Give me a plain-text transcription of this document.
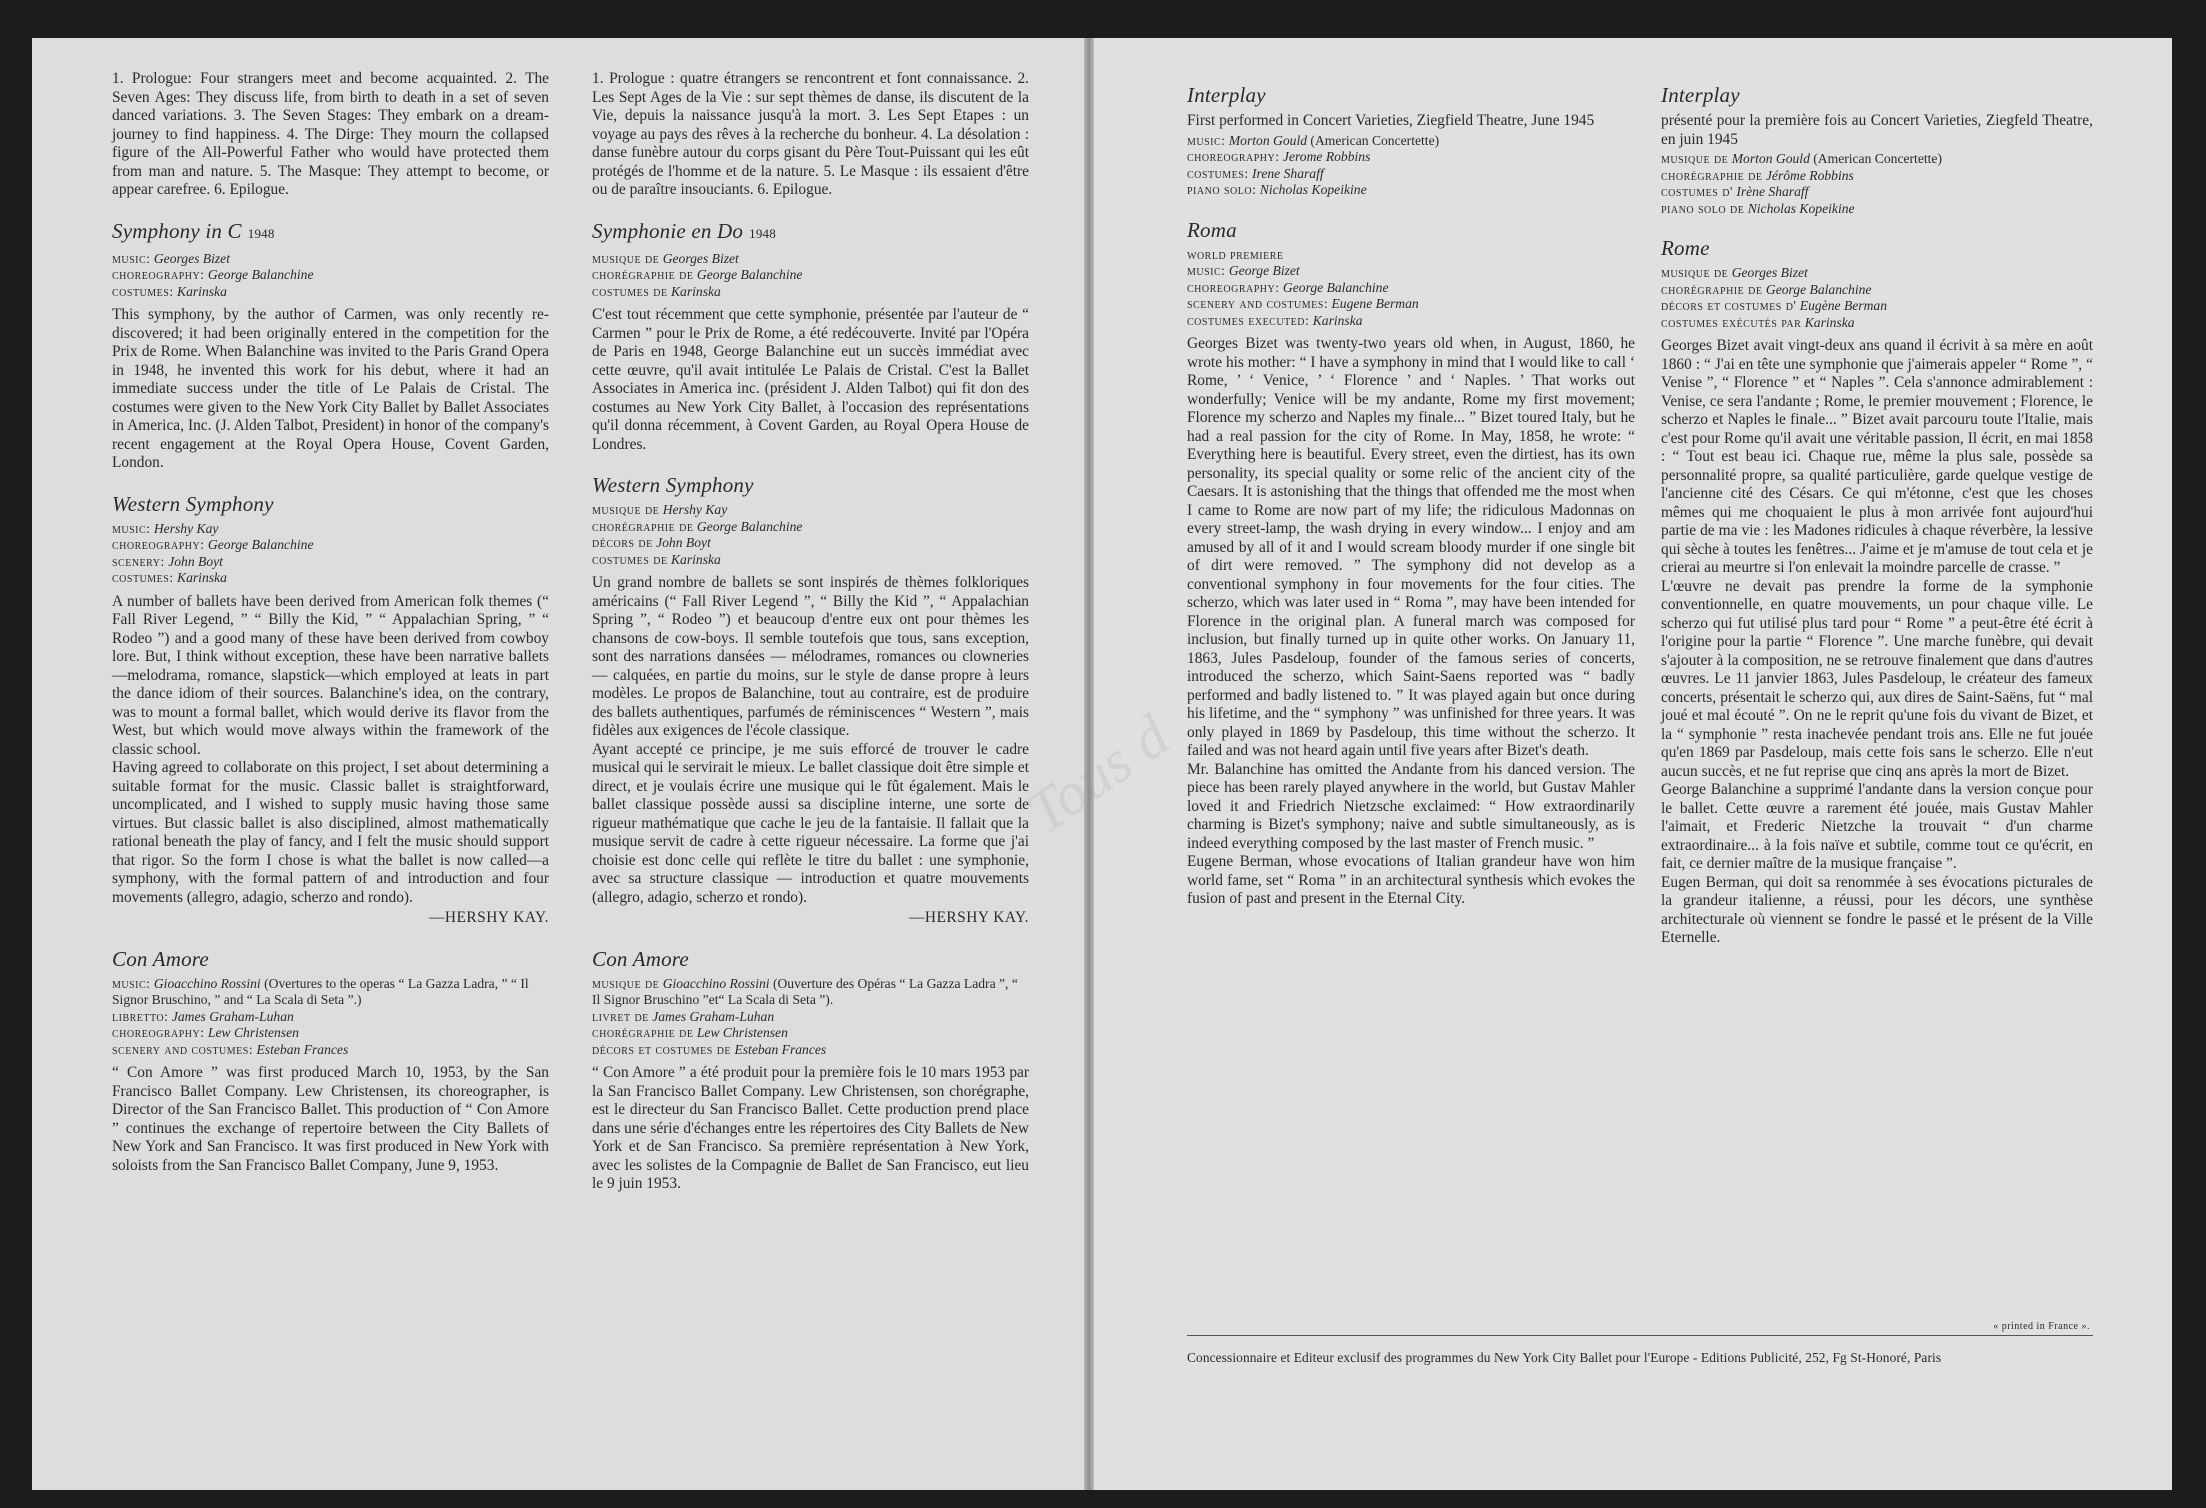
Tous d

1. Prologue: Four strangers meet and become acquainted. 2. The Seven Ages: They discuss life, from birth to death in a set of seven danced variations. 3. The Seven Stages: They embark on a dream-journey to find happiness. 4. The Dirge: They mourn the collapsed figure of the All-Powerful Father who would have protected them from man and nature. 5. The Masque: They attempt to become, or appear carefree. 6. Epilogue.

Symphony in C 1948
music: Georges Bizet
choreography: George Balanchine
costumes: Karinska

This symphony, by the author of Carmen, was only recently re-discovered; it had been originally entered in the competition for the Prix de Rome. When Balanchine was invited to the Paris Grand Opera in 1948, he invented this work for his debut, where it had an immediate success under the title of Le Palais de Cristal. The costumes were given to the New York City Ballet by Ballet Associates in America, Inc. (J. Alden Talbot, President) in honor of the company's recent engagement at the Royal Opera House, Covent Garden, London.

Western Symphony
music: Hershy Kay
choreography: George Balanchine
scenery: John Boyt
costumes: Karinska

A number of ballets have been derived from American folk themes (“ Fall River Legend, ” “ Billy the Kid, ” “ Appalachian Spring, ” “ Rodeo ”) and a good many of these have been derived from cowboy lore. But, I think without exception, these have been narrative ballets—melodrama, romance, slapstick—which employed at leats in part the dance idiom of their sources. Balanchine's idea, on the contrary, was to mount a formal ballet, which would derive its flavor from the West, but which would move always within the framework of the classic school.

Having agreed to collaborate on this project, I set about determining a suitable format for the music. Classic ballet is straightforward, uncomplicated, and I wished to supply music having those same virtues. But classic ballet is also disciplined, almost mathematically rational beneath the play of fancy, and I felt the music should support that rigor. So the form I chose is what the ballet is now called—a symphony, with the formal pattern of and introduction and four movements (allegro, adagio, scherzo and rondo).

—HERSHY KAY.
Con Amore
music: Gioacchino Rossini (Overtures to the operas “ La Gazza Ladra, ” “ Il Signor Bruschino, ” and “ La Scala di Seta ”.)
libretto: James Graham-Luhan
choreography: Lew Christensen
scenery and costumes: Esteban Frances

“ Con Amore ” was first produced March 10, 1953, by the San Francisco Ballet Company. Lew Christensen, its choreographer, is Director of the San Francisco Ballet. This production of “ Con Amore ” continues the exchange of repertoire between the City Ballets of New York and San Francisco. It was first produced in New York with soloists from the San Francisco Ballet Company, June 9, 1953.

1. Prologue : quatre étrangers se rencontrent et font connaissance. 2. Les Sept Ages de la Vie : sur sept thèmes de danse, ils discutent de la Vie, depuis la naissance jusqu'à la mort. 3. Les Sept Etapes : un voyage au pays des rêves à la recherche du bonheur. 4. La désolation : danse funèbre autour du corps gisant du Père Tout-Puissant qui les eût protégés de l'homme et de la nature. 5. Le Masque : ils essaient d'être ou de paraître insouciants. 6. Epilogue.

Symphonie en Do 1948
musique de Georges Bizet
chorégraphie de George Balanchine
costumes de Karinska

C'est tout récemment que cette symphonie, présentée par l'auteur de “ Carmen ” pour le Prix de Rome, a été redécouverte. Invité par l'Opéra de Paris en 1948, George Balanchine eut un succès immédiat avec cette œuvre, qu'il avait intitulée Le Palais de Cristal. C'est la Ballet Associates in America inc. (président J. Alden Talbot) qui fit don des costumes au New York City Ballet, à l'occasion des représentations qu'il donna récemment, à Covent Garden, au Royal Opera House de Londres.

Western Symphony
musique de Hershy Kay
chorégraphie de George Balanchine
décors de John Boyt
costumes de Karinska

Un grand nombre de ballets se sont inspirés de thèmes folkloriques américains (“ Fall River Legend ”, “ Billy the Kid ”, “ Appalachian Spring ”, “ Rodeo ”) et beaucoup d'entre eux ont pour thèmes les chansons de cow-boys. Il semble toutefois que tous, sans exception, sont des narrations dansées — mélodrames, romances ou clowneries — calquées, en partie du moins, sur le style de danse propre à leurs modèles. Le propos de Balanchine, tout au contraire, est de produire des ballets authentiques, parfumés de réminiscences “ Western ”, mais fidèles aux exigences de l'école classique.

Ayant accepté ce principe, je me suis efforcé de trouver le cadre musical qui le servirait le mieux. Le ballet classique doit être simple et direct, et je voulais écrire une musique qui le fût également. Mais le ballet classique possède aussi sa discipline interne, une sorte de rigueur mathématique que cache le jeu de la fantaisie. Il fallait que la musique servit de cadre à cette rigueur nécessaire. La forme que j'ai choisie est donc celle qui reflète le titre du ballet : une symphonie, avec sa structure classique — introduction et quatre mouvements (allegro, adagio, scherzo et rondo).

—HERSHY KAY.
Con Amore
musique de Gioacchino Rossini (Ouverture des Opéras “ La Gazza Ladra ”, “ Il Signor Bruschino ”et“ La Scala di Seta ”).
livret de James Graham-Luhan
chorégraphie de Lew Christensen
décors et costumes de Esteban Frances

“ Con Amore ” a été produit pour la première fois le 10 mars 1953 par la San Francisco Ballet Company. Lew Christensen, son chorégraphe, est le directeur du San Francisco Ballet. Cette production prend place dans une série d'échanges entre les répertoires des City Ballets de New York et de San Francisco. Sa première représentation à New York, avec les solistes de la Compagnie de Ballet de San Francisco, eut lieu le 9 juin 1953.

Interplay

First performed in Concert Varieties, Ziegfield Theatre, June 1945

music: Morton Gould (American Concertette)
choreography: Jerome Robbins
costumes: Irene Sharaff
piano solo: Nicholas Kopeikine
Roma
world premiere
music: George Bizet
choreography: George Balanchine
scenery and costumes: Eugene Berman
costumes executed: Karinska

Georges Bizet was twenty-two years old when, in August, 1860, he wrote his mother: “ I have a symphony in mind that I would like to call ‘ Rome, ’ ‘ Venice, ’ ‘ Florence ’ and ‘ Naples. ’ That works out wonderfully; Venice will be my andante, Rome my first movement; Florence my scherzo and Naples my finale... ” Bizet toured Italy, but he had a real passion for the city of Rome. In May, 1858, he wrote: “ Everything here is beautiful. Every street, even the dirtiest, has its own personality, its special quality or some relic of the ancient city of the Caesars. It is astonishing that the things that offended me the most when I came to Rome are now part of my life; the ridiculous Madonnas on every street-lamp, the wash drying in every window... I enjoy and am amused by all of it and I would scream bloody murder if one single bit of dirt were removed. ” The symphony did not develop as a conventional symphony in four movements for the four cities. The scherzo, which was later used in “ Roma ”, may have been intended for Florence in the original plan. A funeral march was composed for inclusion, but finally turned up in quite other works. On January 11, 1863, Jules Pasdeloup, founder of the famous series of concerts, introduced the scherzo, which Saint-Saens reported was “ badly performed and badly listened to. ” It was played again but once during his lifetime, and the “ symphony ” was unfinished for three years. It was only played in 1869 by Pasdeloup, this time without the scherzo. It failed and was not heard again until five years after Bizet's death.

Mr. Balanchine has omitted the Andante from his danced version. The piece has been rarely played anywhere in the world, but Gustav Mahler loved it and Friedrich Nietzsche exclaimed: “ How extraordinarily charming is Bizet's symphony; naive and subtle simultaneously, as is indeed everything composed by the last master of French music. ”

Eugene Berman, whose evocations of Italian grandeur have won him world fame, set “ Roma ” in an architectural synthesis which evokes the fusion of past and present in the Eternal City.

Interplay

présenté pour la première fois au Concert Varieties, Ziegfeld Theatre, en juin 1945

musique de Morton Gould (American Concertette)
chorégraphie de Jérôme Robbins
costumes d' Irène Sharaff
piano solo de Nicholas Kopeikine
Rome
musique de Georges Bizet
chorégraphie de George Balanchine
décors et costumes d' Eugène Berman
costumes exécutés par Karinska

Georges Bizet avait vingt-deux ans quand il écrivit à sa mère en août 1860 : “ J'ai en tête une symphonie que j'aimerais appeler “ Rome ”, “ Venise ”, “ Florence ” et “ Naples ”. Cela s'annonce admirablement : Venise, ce sera l'andante ; Rome, le premier mouvement ; Florence, le scherzo et Naples le finale... ” Bizet avait parcouru toute l'Italie, mais c'est pour Rome qu'il avait une véritable passion, Il écrit, en mai 1858 : “ Tout est beau ici. Chaque rue, même la plus sale, possède sa personnalité propre, sa qualité particulière, garde quelque vestige de l'ancienne cité des Césars. Ce qui m'étonne, c'est que les choses mêmes qui me choquaient le plus à mon arrivée font aujourd'hui partie de ma vie : les Madones ridicules à chaque réverbère, la lessive qui sèche à toutes les fenêtres... J'aime et je m'amuse de tout cela et je crierai au meurtre si l'on enlevait la moindre parcelle de crasse. ”

L'œuvre ne devait pas prendre la forme de la symphonie conventionnelle, en quatre mouvements, un pour chaque ville. Le scherzo qui fut utilisé plus tard pour “ Rome ” a peut-être été écrit à l'origine pour la partie “ Florence ”. Une marche funèbre, qui devait s'ajouter à la composition, ne se retrouve finalement que dans d'autres œuvres. Le 11 janvier 1863, Jules Pasdeloup, le créateur des fameux concerts, présentait le scherzo qui, aux dires de Saint-Saëns, fut “ mal joué et mal écouté ”. On ne le reprit qu'une fois du vivant de Bizet, et la “ symphonie ” resta inachevée pendant trois ans. Elle ne fut jouée qu'en 1869 par Pasdeloup, mais cette fois sans le scherzo. Elle n'eut aucun succès, et ne fut reprise que cinq ans après la mort de Bizet.

George Balanchine a supprimé l'andante dans la version conçue pour le ballet. Cette œuvre a rarement été jouée, mais Gustav Mahler l'aimait, et Frederic Nietzche la trouvait “ d'un charme extraordinaire... à la fois naïve et subtile, comme tout ce qu'écrit, en fait, ce dernier maître de la musique française ”.

Eugen Berman, qui doit sa renommée à ses évocations picturales de la grandeur italienne, a réussi, pour les décors, une synthèse architecturale où viennent se fondre le passé et le présent de la Ville Eternelle.

« printed in France ».
Concessionnaire et Editeur exclusif des programmes du New York City Ballet pour l'Europe - Editions Publicité, 252, Fg St-Honoré, Paris
